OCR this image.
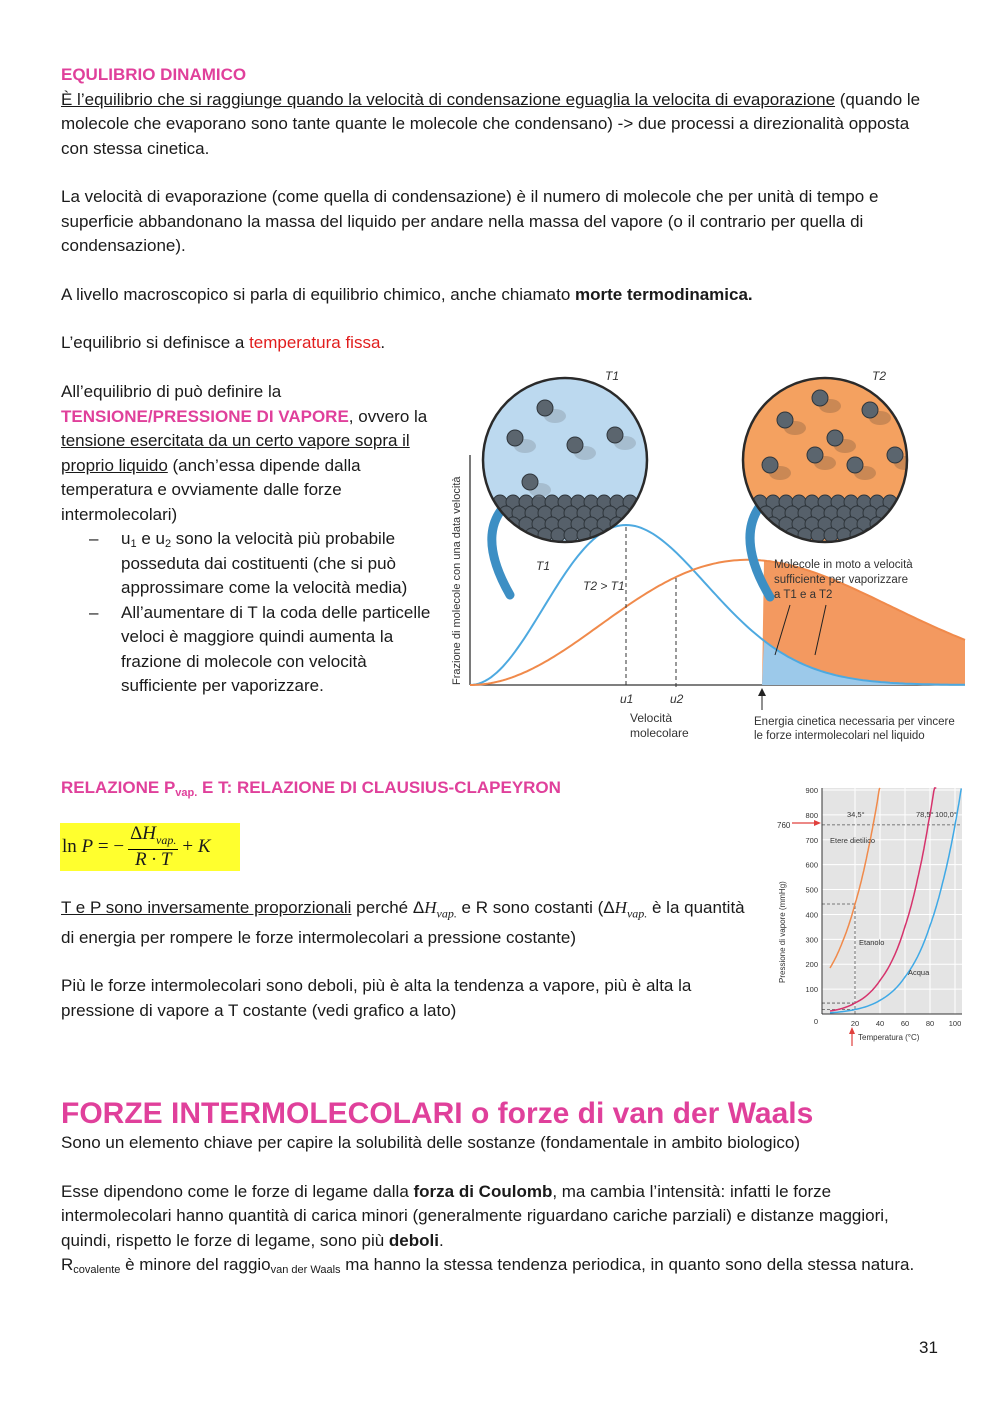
EQULIBRIO DINAMICO

È l’equilibrio che si raggiunge quando la velocità di condensazione eguaglia la velocita di evaporazione (quando le molecole che evaporano sono tante quante le molecole che condensano) -> due processi a direzionalità opposta con stessa cinetica.

La velocità di evaporazione (come quella di condensazione) è il numero di molecole che per unità di tempo e superficie abbandonano la massa del liquido per andare nella massa del vapore (o il contrario per quella di condensazione).

A livello macroscopico si parla di equilibrio chimico, anche chiamato morte termodinamica.

L’equilibrio si definisce a temperatura fissa.

All’equilibrio di può definire la
TENSIONE/PRESSIONE DI VAPORE, ovvero la
tensione esercitata da un certo vapore sopra il proprio liquido (anch’essa dipende dalla temperatura e ovviamente dalle forze intermolecolari)

– $u_1$ e $u_2$ sono la velocità più probabile posseduta dai costituenti (che si può approssimare come la velocità media)

– All’aumentare di T la coda delle particelle veloci è maggiore quindi aumenta la frazione di molecole con velocità sufficiente per vaporizzare.

Frazione di molecole con una data velocità
u1	u2
Velocità
molecolare
T1
T2 > T1
Molecole in moto a velocità
sufficiente per vaporizzare
a T1 e a T2
Energia cinetica necessaria per vincere
le forze intermolecolari nel liquido
T1	T2

RELAZIONE $P_{vap.}$ E T: RELAZIONE DI CLAUSIUS-CLAPEYRON

ln P = −
$\Delta H_{vap.}$
R · T
+ K

T e P sono inversamente proporzionali perché $\Delta H_{vap.}$ e R sono costanti ($\Delta H_{vap.}$ è la quantità di energia per rompere le forze intermolecolari a pressione costante)

Più le forze intermolecolari sono deboli, più è alta la tendenza a vapore, più è alta la pressione di vapore a T costante (vedi grafico a lato)

100
200
300
400
500
600
700
800
900
0	20 40 60 80 100
Temperatura (°C)
Pressione di vapore (mmHg)
760
34,5°	78,5° 100,0°
Etere dietilico
Etanolo
Acqua

FORZE INTERMOLECOLARI o forze di van der Waals

Sono un elemento chiave per capire la solubilità delle sostanze (fondamentale in ambito biologico)

Esse dipendono come le forze di legame dalla forza di Coulomb, ma cambia l’intensità: infatti le forze intermolecolari hanno quantità di carica minori (generalmente riguardano cariche parziali) e distanze maggiori, quindi, rispetto le forze di legame, sono più deboli.

$R_{covalente}$ è minore del raggio$_{van der Waals}$ ma hanno la stessa tendenza periodica, in quanto sono della stessa natura.

31
